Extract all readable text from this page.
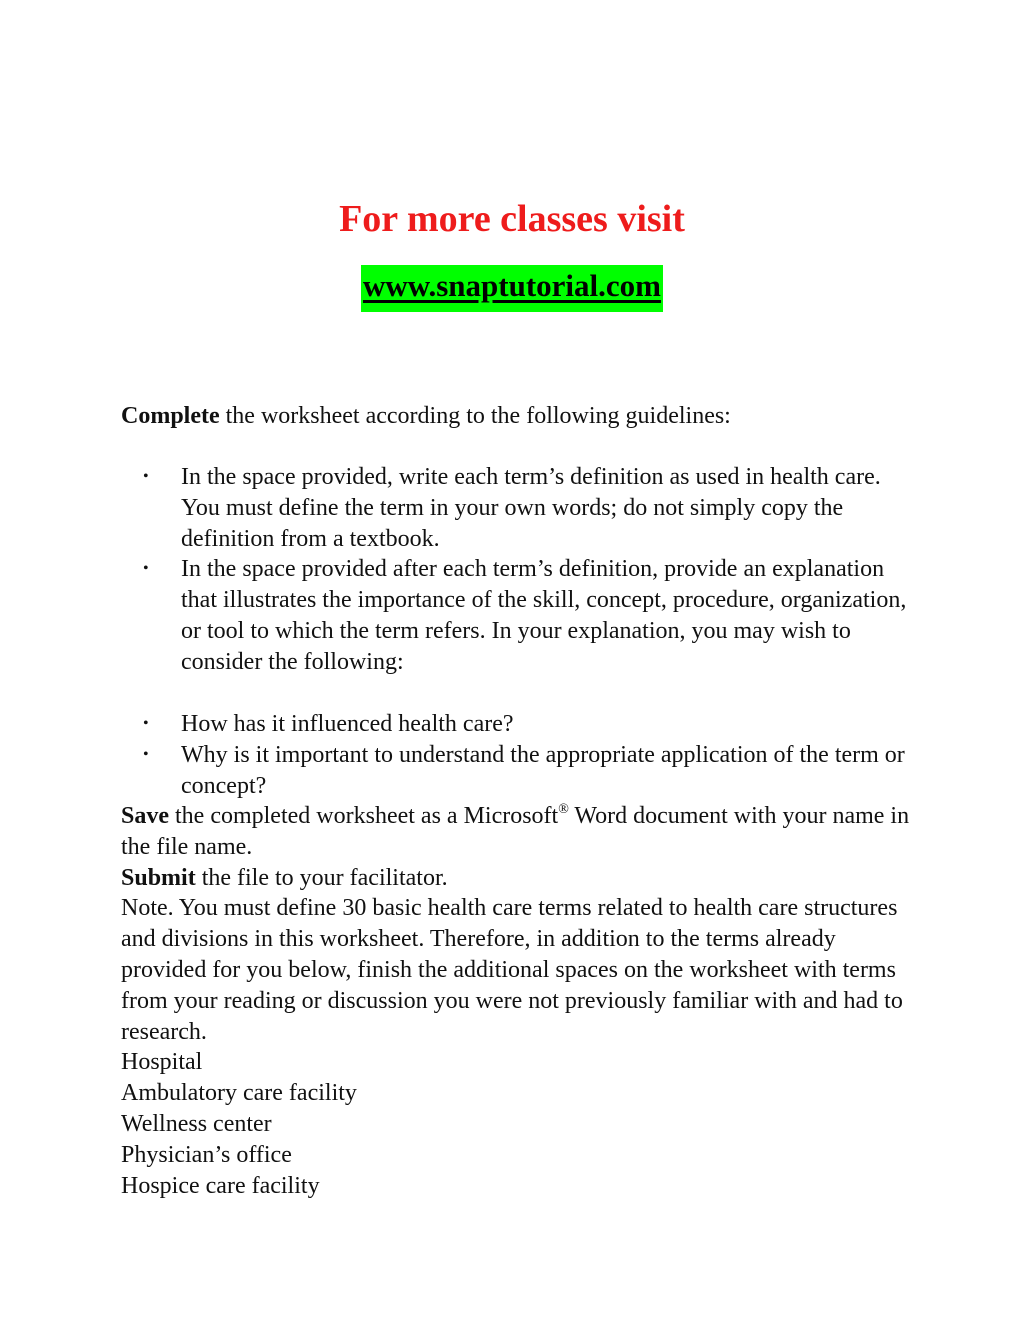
For more classes visit
www.snaptutorial.com
Complete the worksheet according to the following guidelines:
• In the space provided, write each term’s definition as used in health care. You must define the term in your own words; do not simply copy the definition from a textbook.
• In the space provided after each term’s definition, provide an explanation that illustrates the importance of the skill, concept, procedure, organization, or tool to which the term refers. In your explanation, you may wish to consider the following:
• How has it influenced health care?
• Why is it important to understand the appropriate application of the term or concept?

Save the completed worksheet as a Microsoft® Word document with your name in the file name.

Submit the file to your facilitator.

Note. You must define 30 basic health care terms related to health care structures and divisions in this worksheet. Therefore, in addition to the terms already provided for you below, finish the additional spaces on the worksheet with terms from your reading or discussion you were not previously familiar with and had to research.

Hospital

Ambulatory care facility

Wellness center

Physician’s office

Hospice care facility
